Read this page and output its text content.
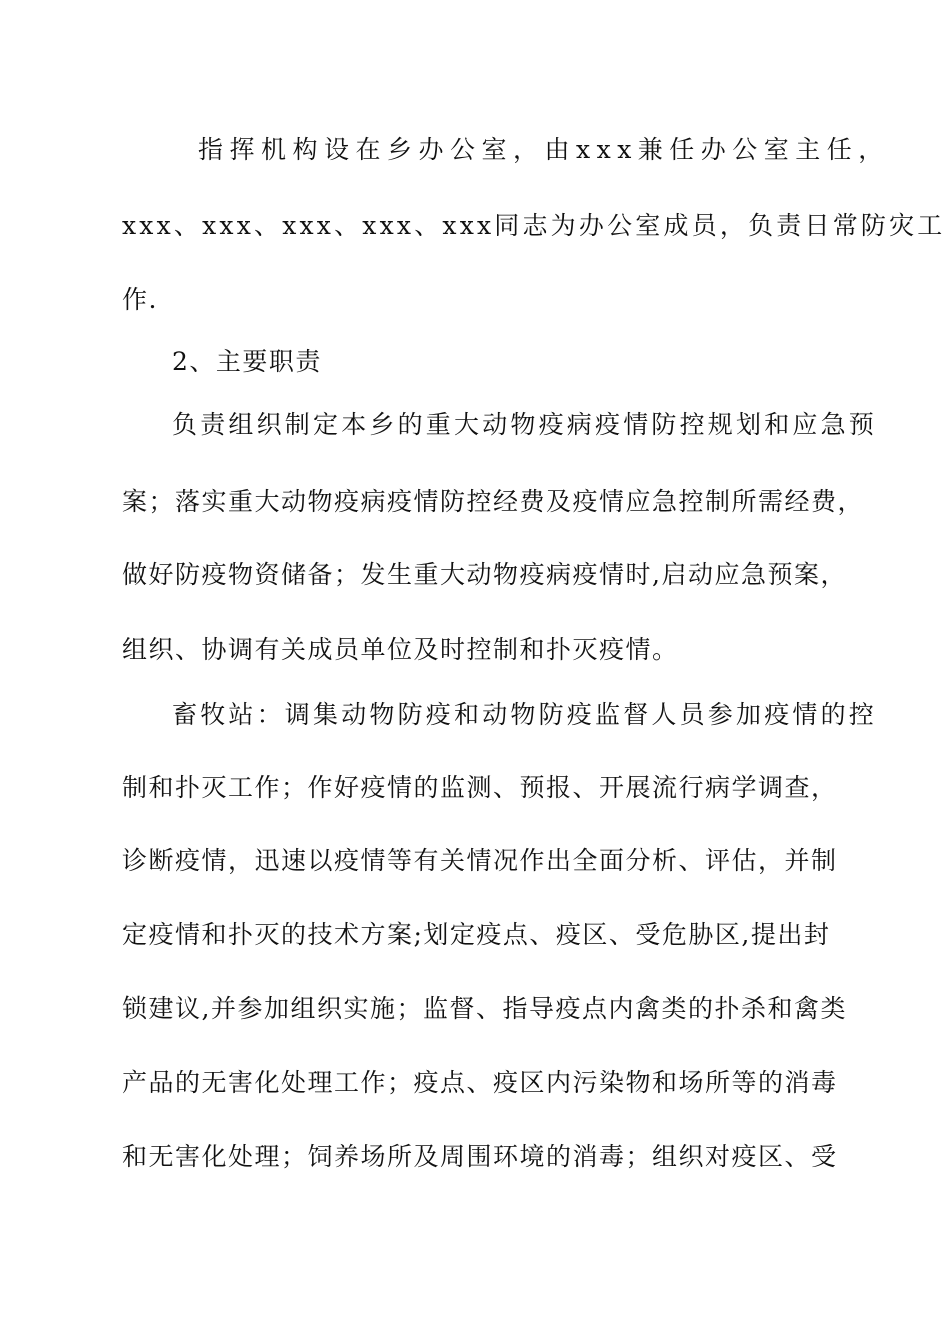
指挥机构设在乡办公室，由xxx兼任办公室主任，
xxx、xxx、xxx、xxx、xxx同志为办公室成员，负责日常防灾工
作.
2、主要职责
负责组织制定本乡的重大动物疫病疫情防控规划和应急预
案；落实重大动物疫病疫情防控经费及疫情应急控制所需经费，
做好防疫物资储备；发生重大动物疫病疫情时,启动应急预案，
组织、协调有关成员单位及时控制和扑灭疫情。
畜牧站：调集动物防疫和动物防疫监督人员参加疫情的控
制和扑灭工作；作好疫情的监测、预报、开展流行病学调查，
诊断疫情，迅速以疫情等有关情况作出全面分析、评估，并制
定疫情和扑灭的技术方案;划定疫点、疫区、受危胁区,提出封
锁建议,并参加组织实施；监督、指导疫点内禽类的扑杀和禽类
产品的无害化处理工作；疫点、疫区内污染物和场所等的消毒
和无害化处理；饲养场所及周围环境的消毒；组织对疫区、受
